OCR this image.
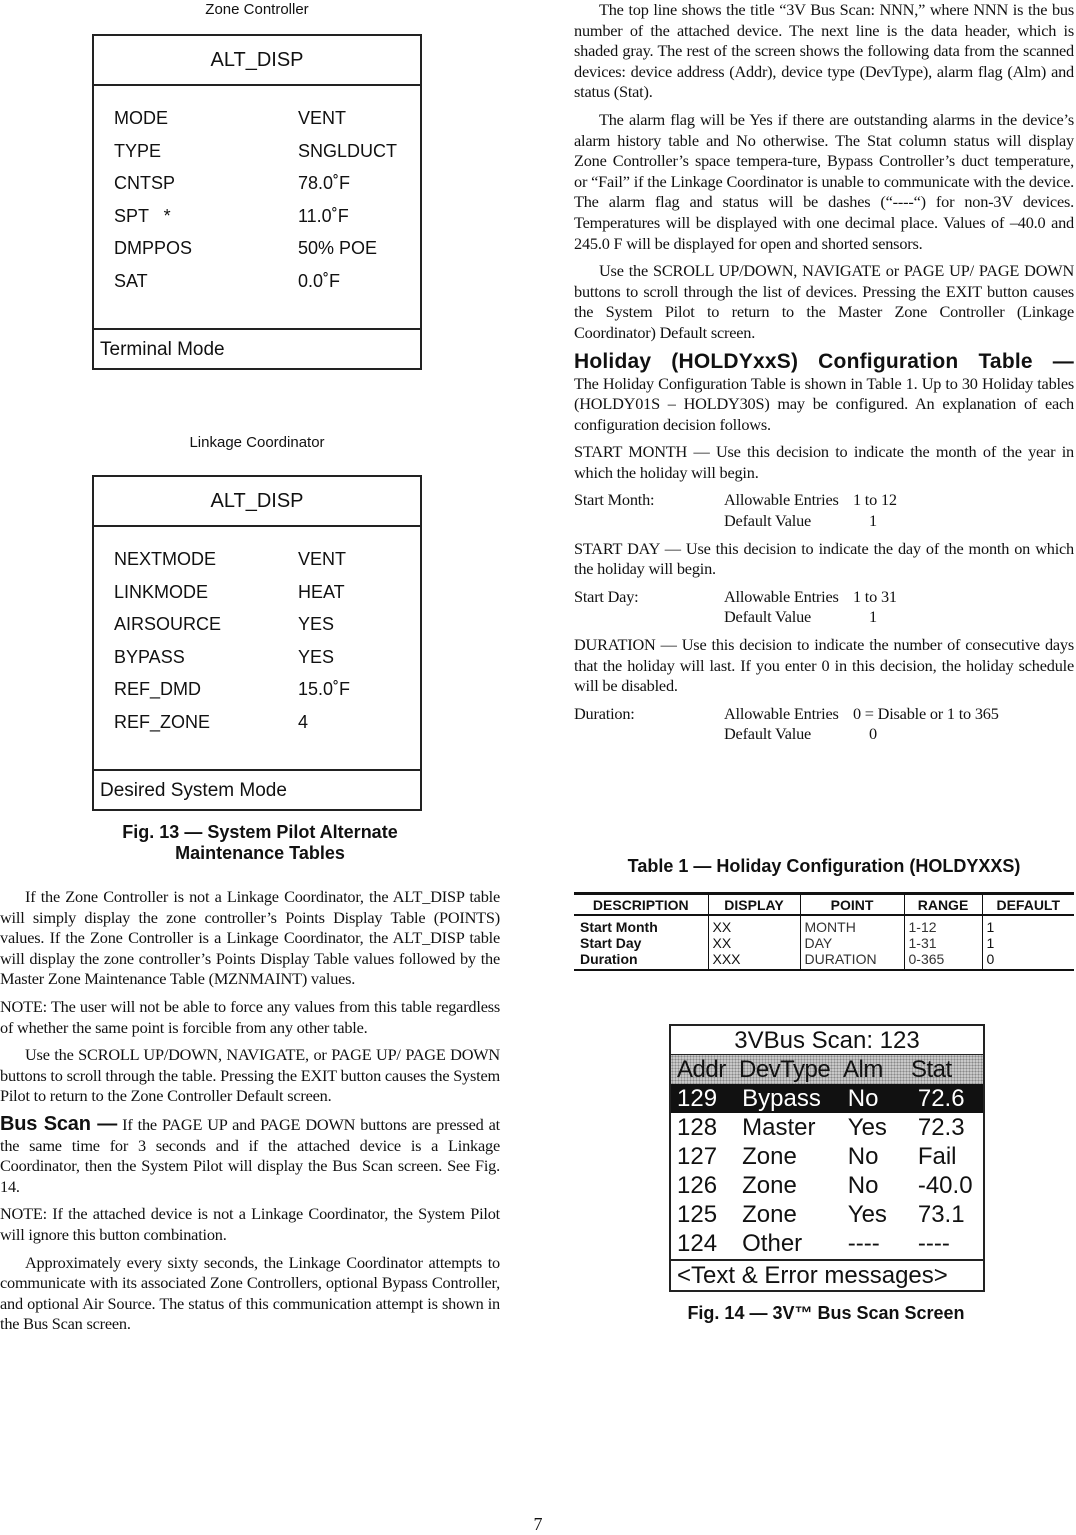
Zone Controller
ALT_DISP
MODE	VENT
TYPE	SNGLDUCT
CNTSP	78.0˚F
SPT   *	11.0˚F
DMPPOS	50% POE
SAT	0.0˚F
Terminal Mode
Linkage Coordinator
ALT_DISP
NEXTMODE	VENT
LINKMODE	HEAT
AIRSOURCE	YES
BYPASS	YES
REF_DMD	15.0˚F
REF_ZONE	4
Desired System Mode
Fig. 13 — System Pilot Alternate
Maintenance Tables

If the Zone Controller is not a Linkage Coordinator, the ALT_DISP table will simply display the zone controller’s Points Display Table (POINTS) values. If the Zone Controller is a Linkage Coordinator, the ALT_DISP table will display the zone controller’s Points Display Table values followed by the Master Zone Maintenance Table (MZNMAINT) values.

NOTE: The user will not be able to force any values from this table regardless of whether the same point is forcible from any other table.

Use the SCROLL UP/DOWN, NAVIGATE, or PAGE UP/ PAGE DOWN buttons to scroll through the table. Pressing the EXIT button causes the System Pilot to return to the Zone Controller Default screen.

Bus Scan — If the PAGE UP and PAGE DOWN buttons are pressed at the same time for 3 seconds and if the attached device is a Linkage Coordinator, then the System Pilot will display the Bus Scan screen. See Fig. 14.

NOTE: If the attached device is not a Linkage Coordinator, the System Pilot will ignore this button combination.

Approximately every sixty seconds, the Linkage Coordinator attempts to communicate with its associated Zone Controllers, optional Bypass Controller, and optional Air Source. The status of this communication attempt is shown in the Bus Scan screen.

The top line shows the title “3V Bus Scan: NNN,” where NNN is the bus number of the attached device. The next line is the data header, which is shaded gray. The rest of the screen shows the following data from the scanned devices: device address (Addr), device type (DevType), alarm flag (Alm) and status (Stat).

The alarm flag will be Yes if there are outstanding alarms in the device’s alarm history table and No otherwise. The Stat column status will display Zone Controller’s space tempera-ture, Bypass Controller’s duct temperature, or “Fail” if the Linkage Coordinator is unable to communicate with the device. The alarm flag and status will be dashes (“----“) for non-3V devices. Temperatures will be displayed with one decimal place. Values of –40.0 and 245.0 F will be displayed for open and shorted sensors.

Use the SCROLL UP/DOWN, NAVIGATE or PAGE UP/ PAGE DOWN buttons to scroll through the list of devices. Pressing the EXIT button causes the System Pilot to return to the Master Zone Controller (Linkage Coordinator) Default screen.

Holiday (HOLDYxxS) Configuration Table —

The Holiday Configuration Table is shown in Table 1. Up to 30 Holiday tables (HOLDY01S – HOLDY30S) may be configured. An explanation of each configuration decision follows.

START MONTH — Use this decision to indicate the month of the year in which the holiday will begin.

Start Month:	Allowable Entries 1 to 12
Default Value	1

START DAY — Use this decision to indicate the day of the month on which the holiday will begin.

Start Day:	Allowable Entries 1 to 31
Default Value	1

DURATION — Use this decision to indicate the number of consecutive days that the holiday will last. If you enter 0 in this decision, the holiday schedule will be disabled.

Duration:	Allowable Entries 0 = Disable or 1 to 365
Default Value	0
Table 1 — Holiday Configuration (HOLDYXXS)
DESCRIPTION	DISPLAY	POINT	RANGE	DEFAULT
Start Month	XX	MONTH	1-12	1
Start Day	XX	DAY	1-31	1
Duration	XXX	DURATION	0-365	0
3VBus Scan: 123
Addr DevType Alm	Stat
129	Bypass	No	72.6
128	Master	Yes	72.3
127	Zone	No	Fail
126	Zone	No	-40.0
125	Zone	Yes	73.1
124	Other	----	----
<Text & Error messages>
Fig. 14 — 3V™ Bus Scan Screen
7
